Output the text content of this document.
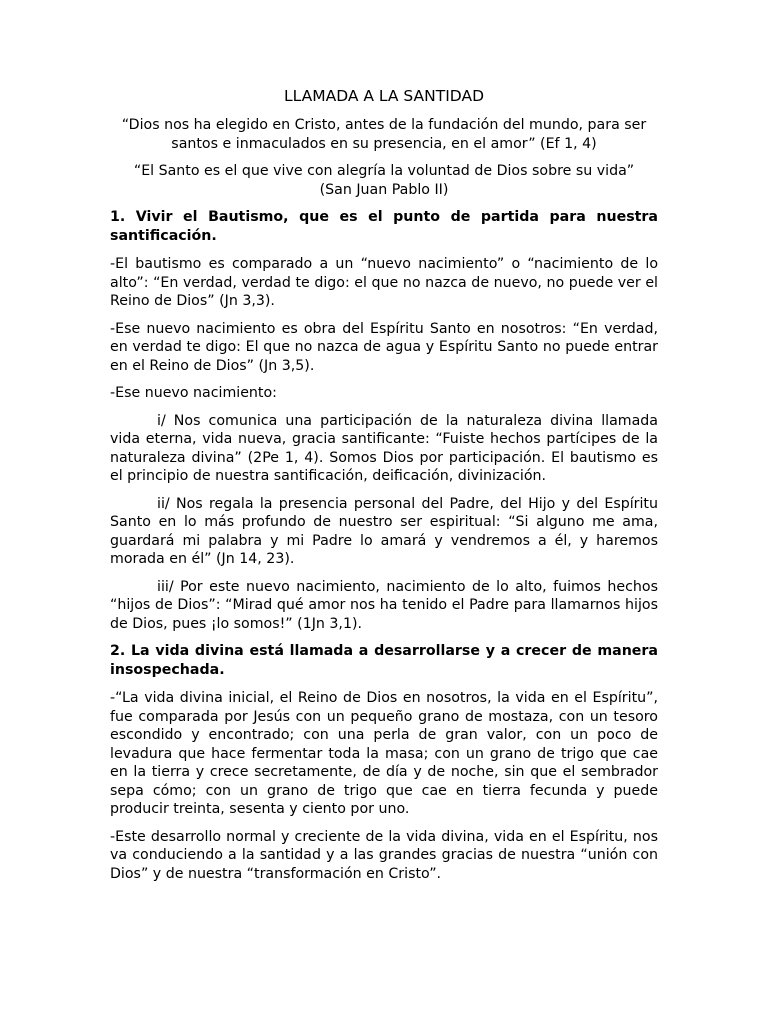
LLAMADA A LA SANTIDAD

“Dios nos ha elegido en Cristo, antes de la fundación del mundo, para ser santos e inmaculados en su presencia, en el amor” (Ef 1, 4)

“El Santo es el que vive con alegría la voluntad de Dios sobre su vida”
(San Juan Pablo II)

1. Vivir el Bautismo, que es el punto de partida para nuestra santificación.

-El bautismo es comparado a un “nuevo nacimiento” o “nacimiento de lo alto”: “En verdad, verdad te digo: el que no nazca de nuevo, no puede ver el Reino de Dios” (Jn 3,3).

-Ese nuevo nacimiento es obra del Espíritu Santo en nosotros: “En verdad, en verdad te digo: El que no nazca de agua y Espíritu Santo no puede entrar en el Reino de Dios” (Jn 3,5).

-Ese nuevo nacimiento:

i/ Nos comunica una participación de la naturaleza divina llamada vida eterna, vida nueva, gracia santificante: “Fuiste hechos partícipes de la naturaleza divina” (2Pe 1, 4). Somos Dios por participación. El bautismo es el principio de nuestra santificación, deificación, divinización.

ii/ Nos regala la presencia personal del Padre, del Hijo y del Espíritu Santo en lo más profundo de nuestro ser espiritual: “Si alguno me ama, guardará mi palabra y mi Padre lo amará y vendremos a él, y haremos morada en él” (Jn 14, 23).

iii/ Por este nuevo nacimiento, nacimiento de lo alto, fuimos hechos “hijos de Dios”: “Mirad qué amor nos ha tenido el Padre para llamarnos hijos de Dios, pues ¡lo somos!” (1Jn 3,1).

2. La vida divina está llamada a desarrollarse y a crecer de manera insospechada.

-“La vida divina inicial, el Reino de Dios en nosotros, la vida en el Espíritu”, fue comparada por Jesús con un pequeño grano de mostaza, con un tesoro escondido y encontrado; con una perla de gran valor, con un poco de levadura que hace fermentar toda la masa; con un grano de trigo que cae en la tierra y crece secretamente, de día y de noche, sin que el sembrador sepa cómo; con un grano de trigo que cae en tierra fecunda y puede producir treinta, sesenta y ciento por uno.

-Este desarrollo normal y creciente de la vida divina, vida en el Espíritu, nos va conduciendo a la santidad y a las grandes gracias de nuestra “unión con Dios” y de nuestra “transformación en Cristo”.
